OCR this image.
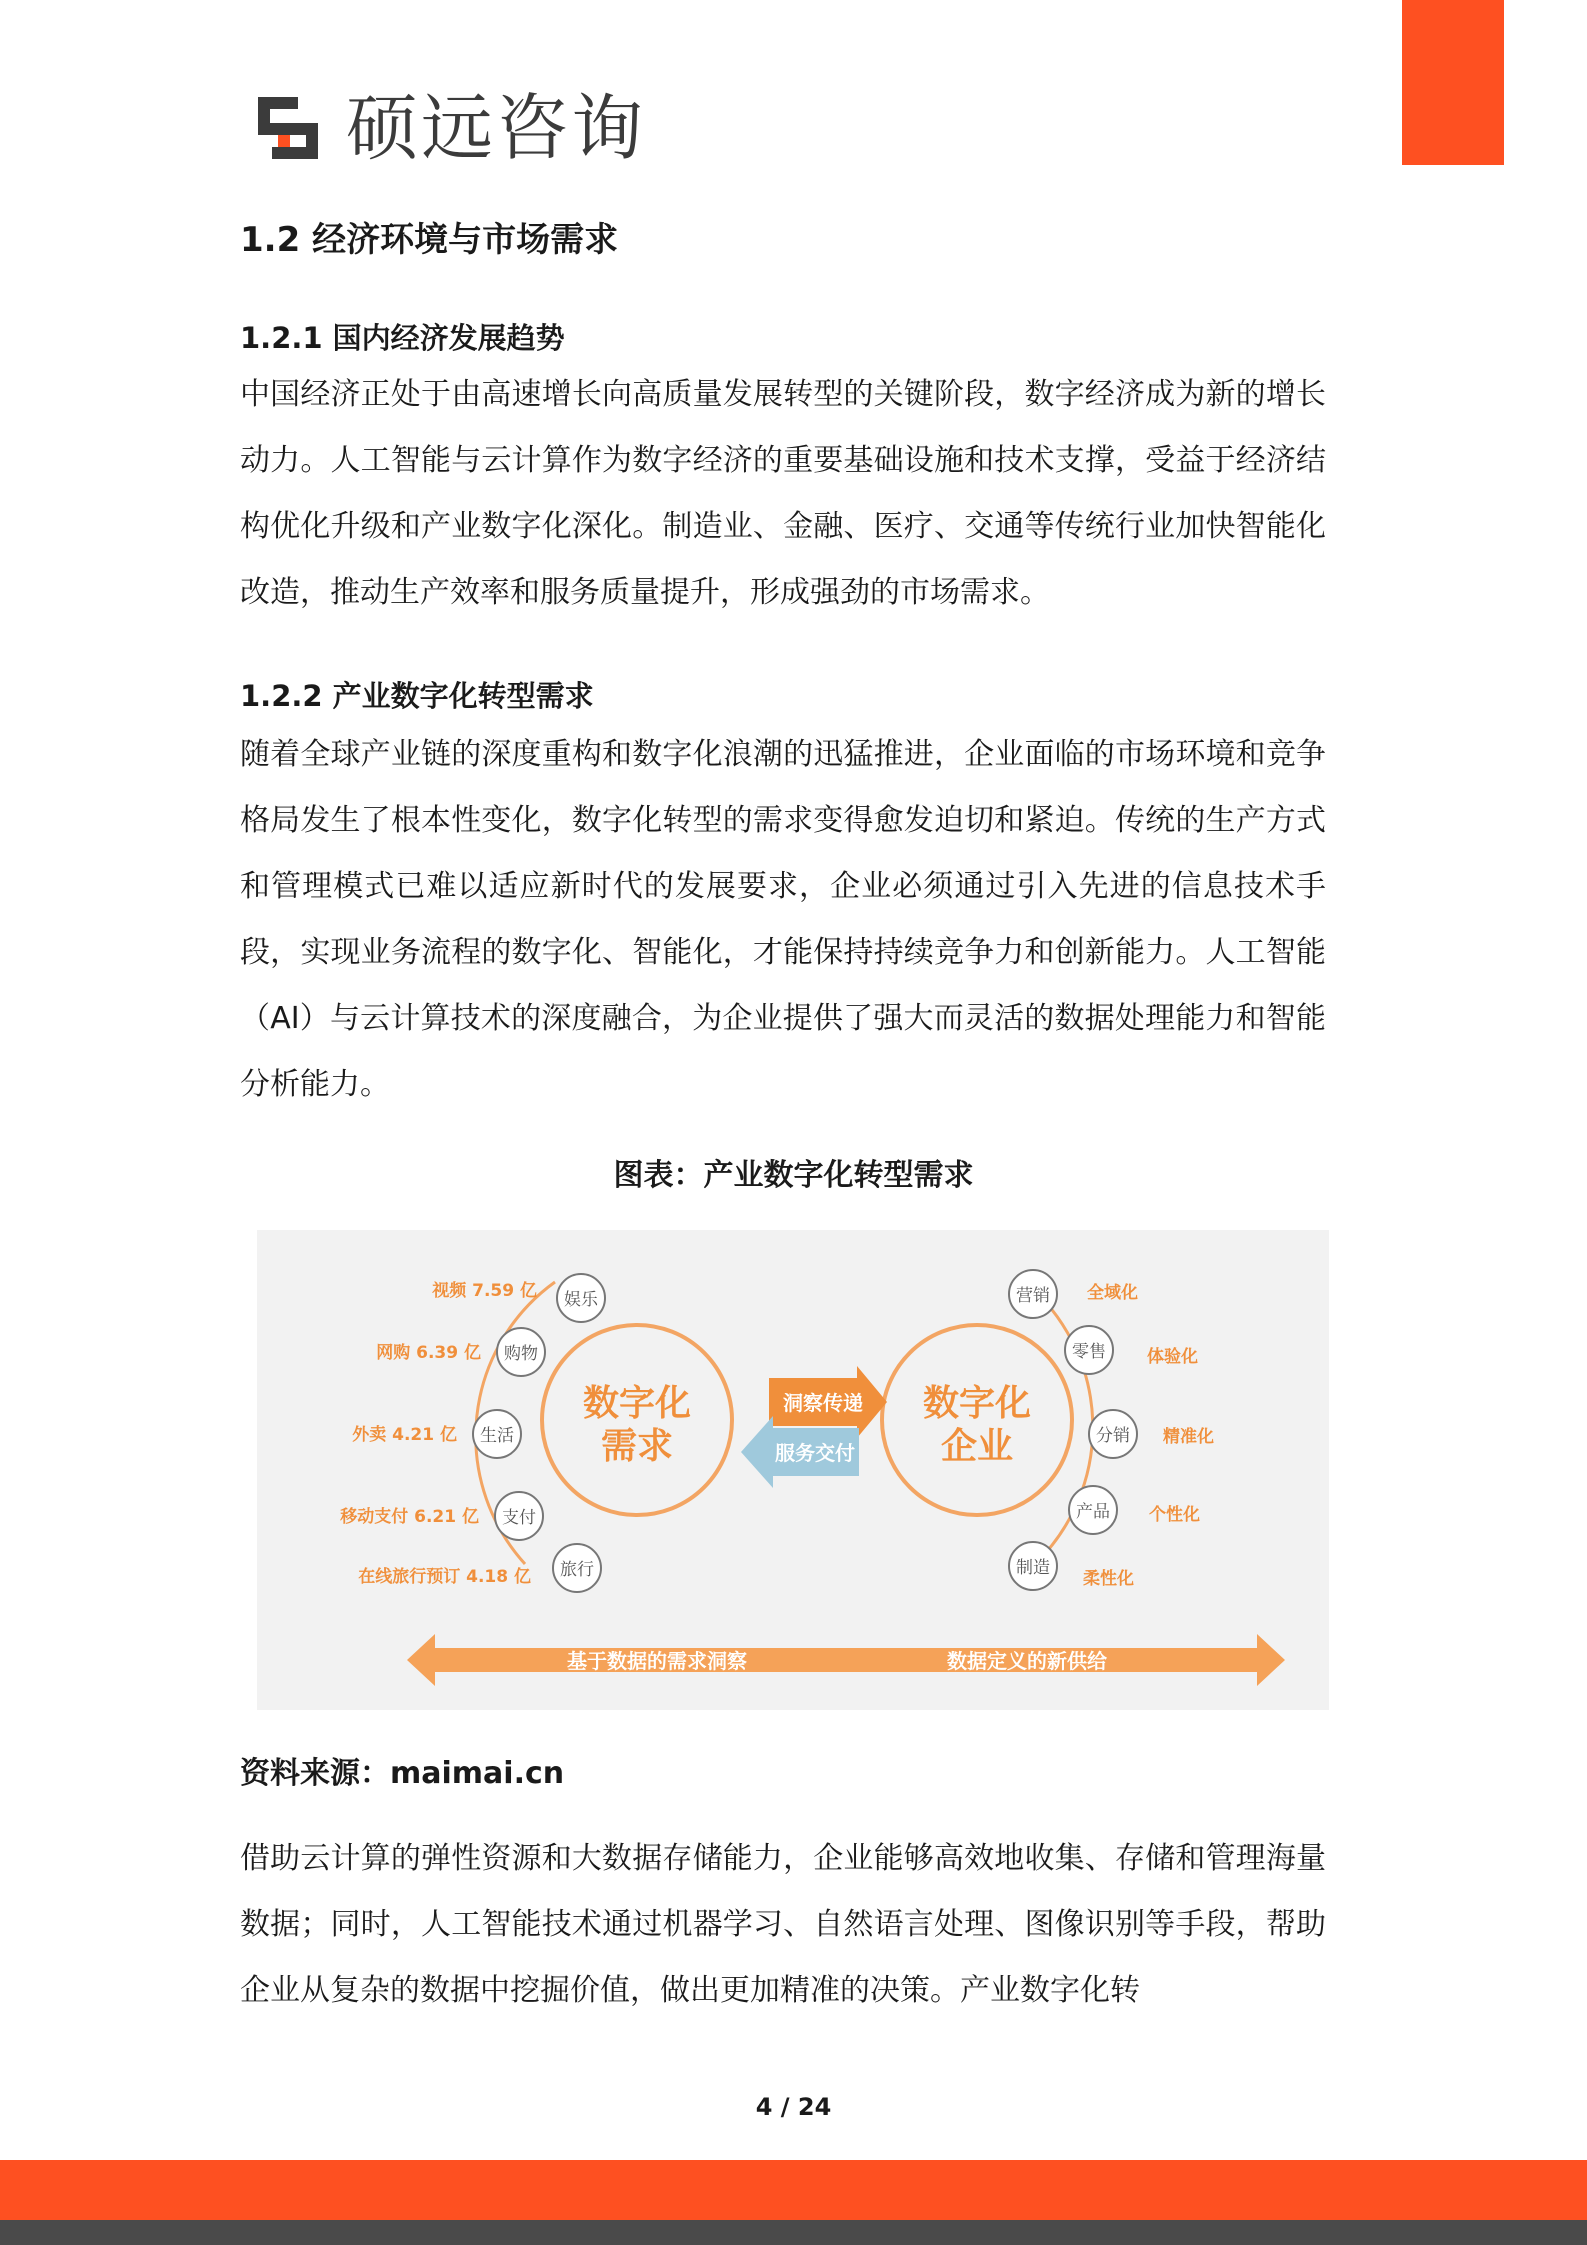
硕远咨询
1.2 经济环境与市场需求
1.2.1 国内经济发展趋势
中国经济正处于由高速增长向高质量发展转型的关键阶段，数字经济成为新的增长动力。人工智能与云计算作为数字经济的重要基础设施和技术支撑，受益于经济结构优化升级和产业数字化深化。制造业、金融、医疗、交通等传统行业加快智能化改造，推动生产效率和服务质量提升，形成强劲的市场需求。
1.2.2 产业数字化转型需求
随着全球产业链的深度重构和数字化浪潮的迅猛推进，企业面临的市场环境和竞争格局发生了根本性变化，数字化转型的需求变得愈发迫切和紧迫。传统的生产方式和管理模式已难以适应新时代的发展要求，企业必须通过引入先进的信息技术手段，实现业务流程的数字化、智能化，才能保持持续竞争力和创新能力。人工智能（AI）与云计算技术的深度融合，为企业提供了强大而灵活的数据处理能力和智能分析能力。
图表：产业数字化转型需求
数字化
需求
数字化
企业
洞察传递
服务交付
娱乐
视频 7.59 亿
购物
网购 6.39 亿
生活
外卖 4.21 亿
支付
移动支付 6.21 亿
旅行
在线旅行预订 4.18 亿
营销 全域化
零售 体验化
分销 精准化
产品 个性化
制造
柔性化
基于数据的需求洞察	数据定义的新供给
资料来源：maimai.cn
借助云计算的弹性资源和大数据存储能力，企业能够高效地收集、存储和管理海量数据；同时，人工智能技术通过机器学习、自然语言处理、图像识别等手段，帮助企业从复杂的数据中挖掘价值，做出更加精准的决策。产业数字化转
4 / 24
